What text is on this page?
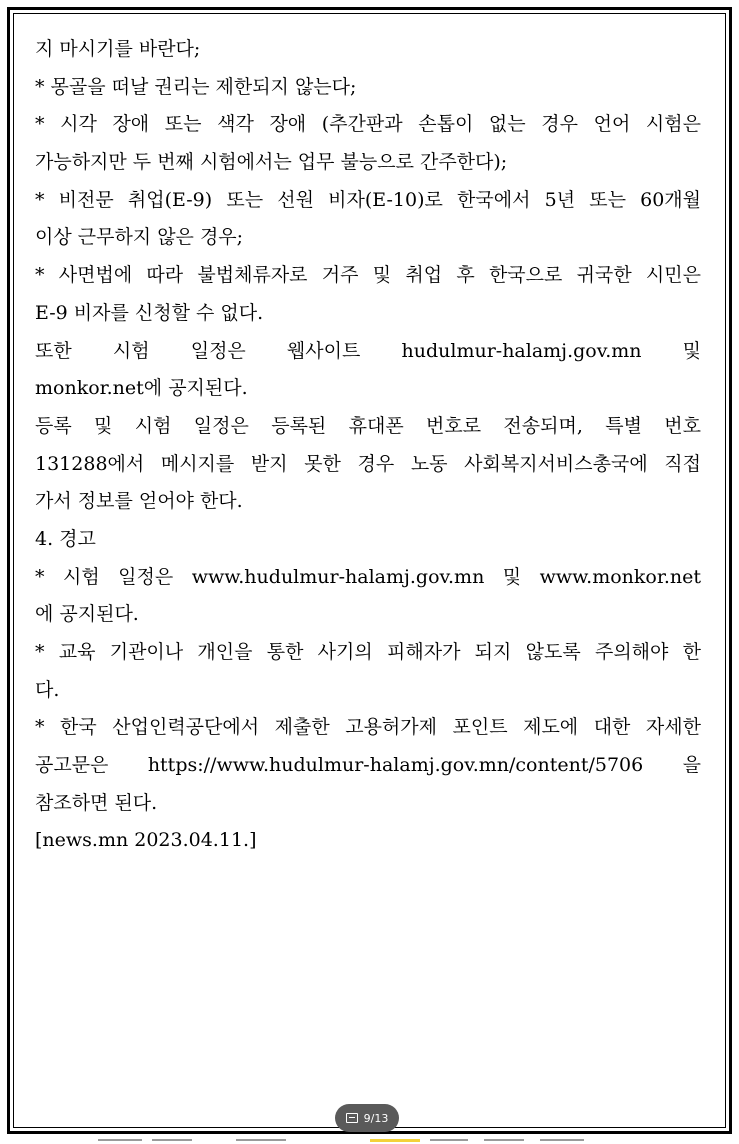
지 마시기를 바란다;
* 몽골을 떠날 권리는 제한되지 않는다;
* 시각 장애 또는 색각 장애 (추간판과 손톱이 없는 경우 언어 시험은
가능하지만 두 번째 시험에서는 업무 불능으로 간주한다);
* 비전문 취업(E-9) 또는 선원 비자(E-10)로 한국에서 5년 또는 60개월
이상 근무하지 않은 경우;
* 사면법에 따라 불법체류자로 거주 및 취업 후 한국으로 귀국한 시민은
E-9 비자를 신청할 수 없다.
또한 시험 일정은 웹사이트 hudulmur-halamj.gov.mn 및
monkor.net에 공지된다.
등록 및 시험 일정은 등록된 휴대폰 번호로 전송되며, 특별 번호
131288에서 메시지를 받지 못한 경우 노동 사회복지서비스총국에 직접
가서 정보를 얻어야 한다.
4. 경고
* 시험 일정은 www.hudulmur-halamj.gov.mn 및 www.monkor.net
에 공지된다.
* 교육 기관이나 개인을 통한 사기의 피해자가 되지 않도록 주의해야 한
다.
* 한국 산업인력공단에서 제출한 고용허가제 포인트 제도에 대한 자세한
공고문은 https://www.hudulmur-halamj.gov.mn/content/5706 을
참조하면 된다.
[news.mn 2023.04.11.]
9/13
